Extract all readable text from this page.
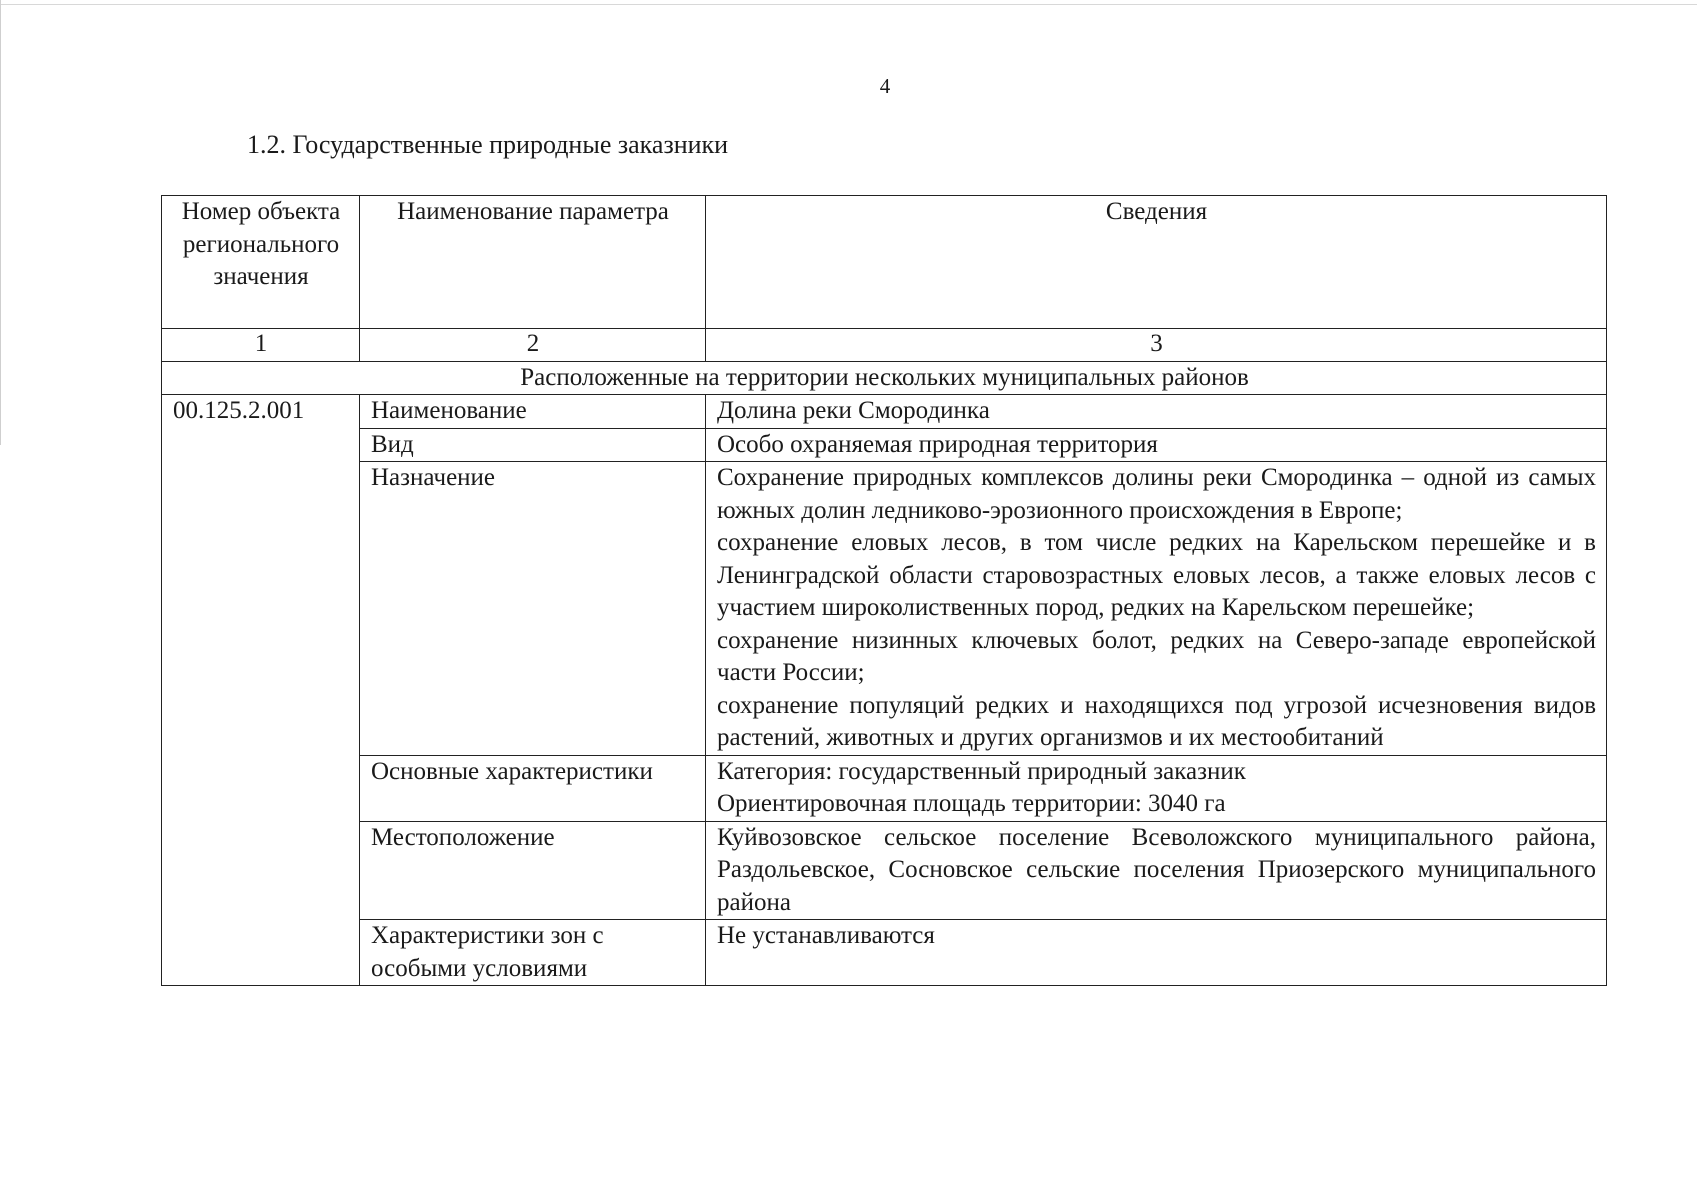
4
1.2. Государственные природные заказники
Номер объекта регионального значения	Наименование параметра	Сведения
1	2	3
Расположенные на территории нескольких муниципальных районов		
00.125.2.001	Наименование	Долина реки Смородинка

	Вид	Особо охраняемая природная территория

	Назначение	Сохранение природных комплексов долины реки Смородинка – одной из самых южных долин ледниково-эрозионного происхождения в Европе;
сохранение еловых лесов, в том числе редких на Карельском перешейке и в Ленинградской области старовозрастных еловых лесов, а также еловых лесов с участием широколиственных пород, редких на Карельском перешейке;
сохранение низинных ключевых болот, редких на Северо-западе европейской части России;
сохранение популяций редких и находящихся под угрозой исчезновения видов растений, животных и других организмов и их местообитаний

	Основные характеристики	Категория: государственный природный заказник
Ориентировочная площадь территории: 3040 га

	Местоположение	Куйвозовское сельское поселение Всеволожского муниципального района, Раздольевское, Сосновское сельские поселения Приозерского муниципального района

	Характеристики зон с особыми условиями	Не устанавливаются
